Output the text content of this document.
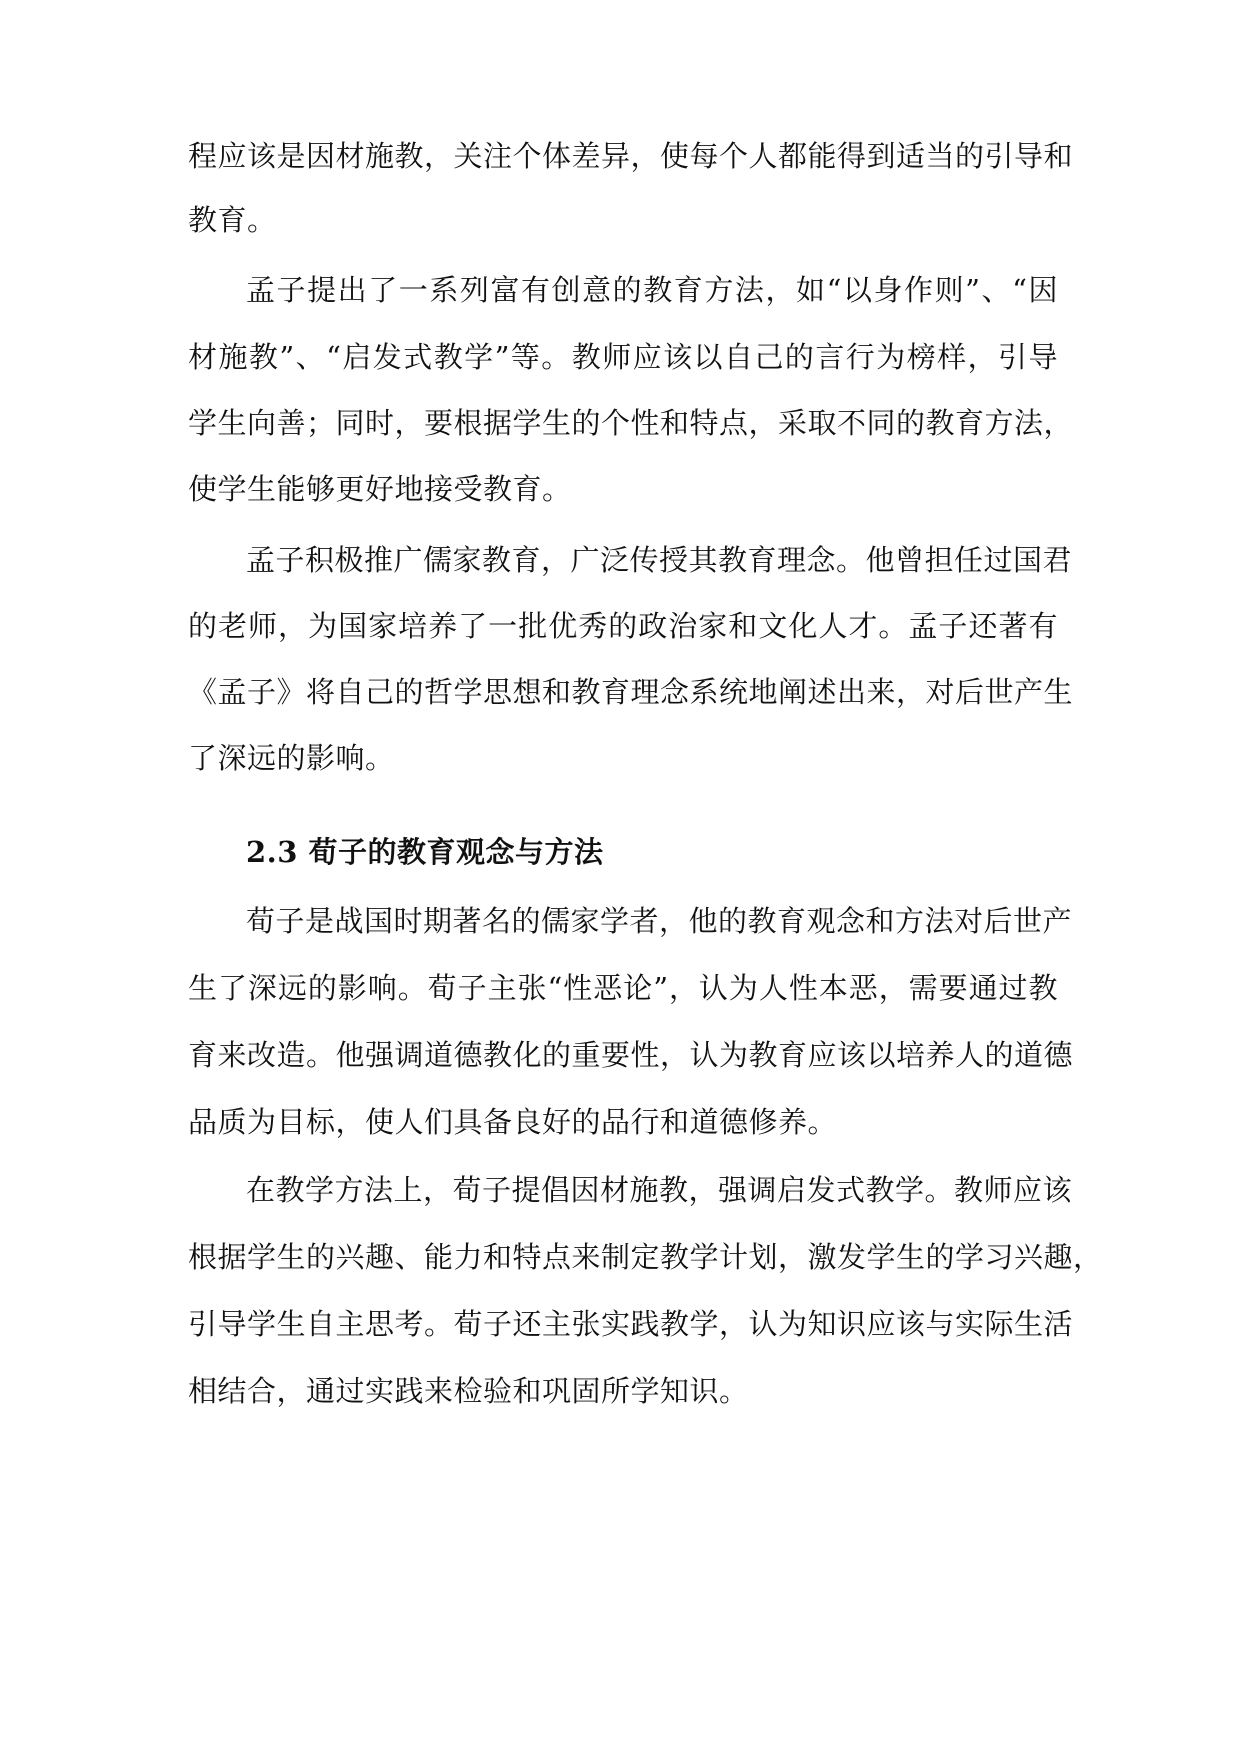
程应该是因材施教，关注个体差异，使每个人都能得到适当的引导和
教育。
孟子提出了一系列富有创意的教育方法，如“以身作则”、“因
材施教”、“启发式教学”等。教师应该以自己的言行为榜样，引导
学生向善；同时，要根据学生的个性和特点，采取不同的教育方法，
使学生能够更好地接受教育。
孟子积极推广儒家教育，广泛传授其教育理念。他曾担任过国君
的老师，为国家培养了一批优秀的政治家和文化人才。孟子还著有
《孟子》将自己的哲学思想和教育理念系统地阐述出来，对后世产生
了深远的影响。
2.3 荀子的教育观念与方法
荀子是战国时期著名的儒家学者，他的教育观念和方法对后世产
生了深远的影响。荀子主张“性恶论”，认为人性本恶，需要通过教
育来改造。他强调道德教化的重要性，认为教育应该以培养人的道德
品质为目标，使人们具备良好的品行和道德修养。
在教学方法上，荀子提倡因材施教，强调启发式教学。教师应该
根据学生的兴趣、能力和特点来制定教学计划，激发学生的学习兴趣，
引导学生自主思考。荀子还主张实践教学，认为知识应该与实际生活
相结合，通过实践来检验和巩固所学知识。
